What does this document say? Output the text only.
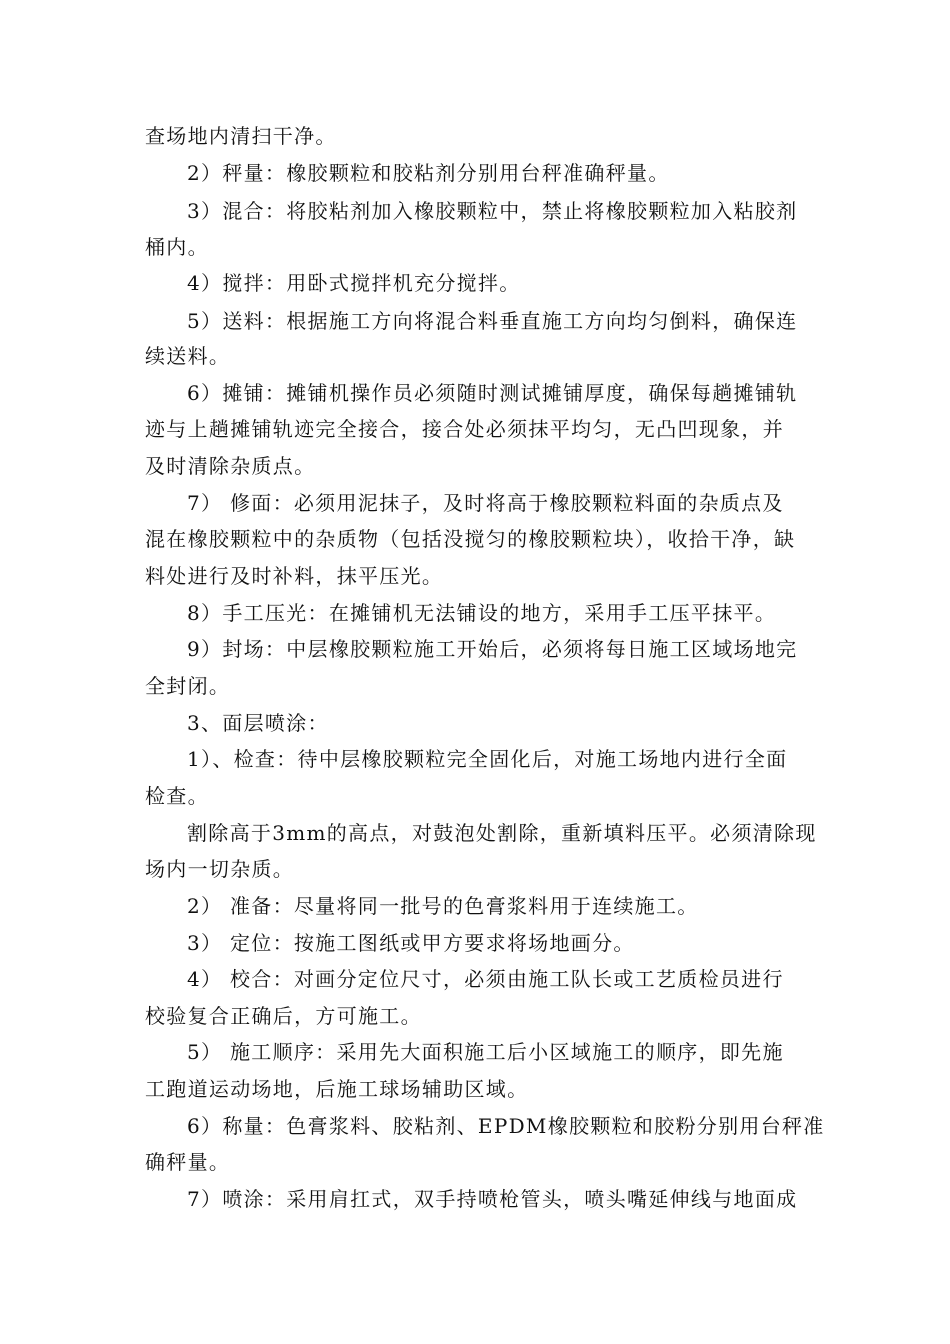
查场地内清扫干净。
2）秤量：橡胶颗粒和胶粘剂分别用台秤准确秤量。
3）混合：将胶粘剂加入橡胶颗粒中，禁止将橡胶颗粒加入粘胶剂
桶内。
4）搅拌：用卧式搅拌机充分搅拌。
5）送料：根据施工方向将混合料垂直施工方向均匀倒料，确保连
续送料。
6）摊铺：摊铺机操作员必须随时测试摊铺厚度，确保每趟摊铺轨
迹与上趟摊铺轨迹完全接合，接合处必须抹平均匀，无凸凹现象，并
及时清除杂质点。
7） 修面：必须用泥抹子，及时将高于橡胶颗粒料面的杂质点及
混在橡胶颗粒中的杂质物（包括没搅匀的橡胶颗粒块），收拾干净，缺
料处进行及时补料，抹平压光。
8）手工压光：在摊铺机无法铺设的地方，采用手工压平抹平。
9）封场：中层橡胶颗粒施工开始后，必须将每日施工区域场地完
全封闭。
3、面层喷涂：
1）、检查：待中层橡胶颗粒完全固化后，对施工场地内进行全面
检查。
割除高于3mm的高点，对鼓泡处割除，重新填料压平。必须清除现
场内一切杂质。
2） 准备：尽量将同一批号的色膏浆料用于连续施工。
3） 定位：按施工图纸或甲方要求将场地画分。
4） 校合：对画分定位尺寸，必须由施工队长或工艺质检员进行
校验复合正确后，方可施工。
5） 施工顺序：采用先大面积施工后小区域施工的顺序，即先施
工跑道运动场地，后施工球场辅助区域。
6）称量：色膏浆料、胶粘剂、EPDM橡胶颗粒和胶粉分别用台秤准
确秤量。
7）喷涂：采用肩扛式，双手持喷枪管头，喷头嘴延伸线与地面成
